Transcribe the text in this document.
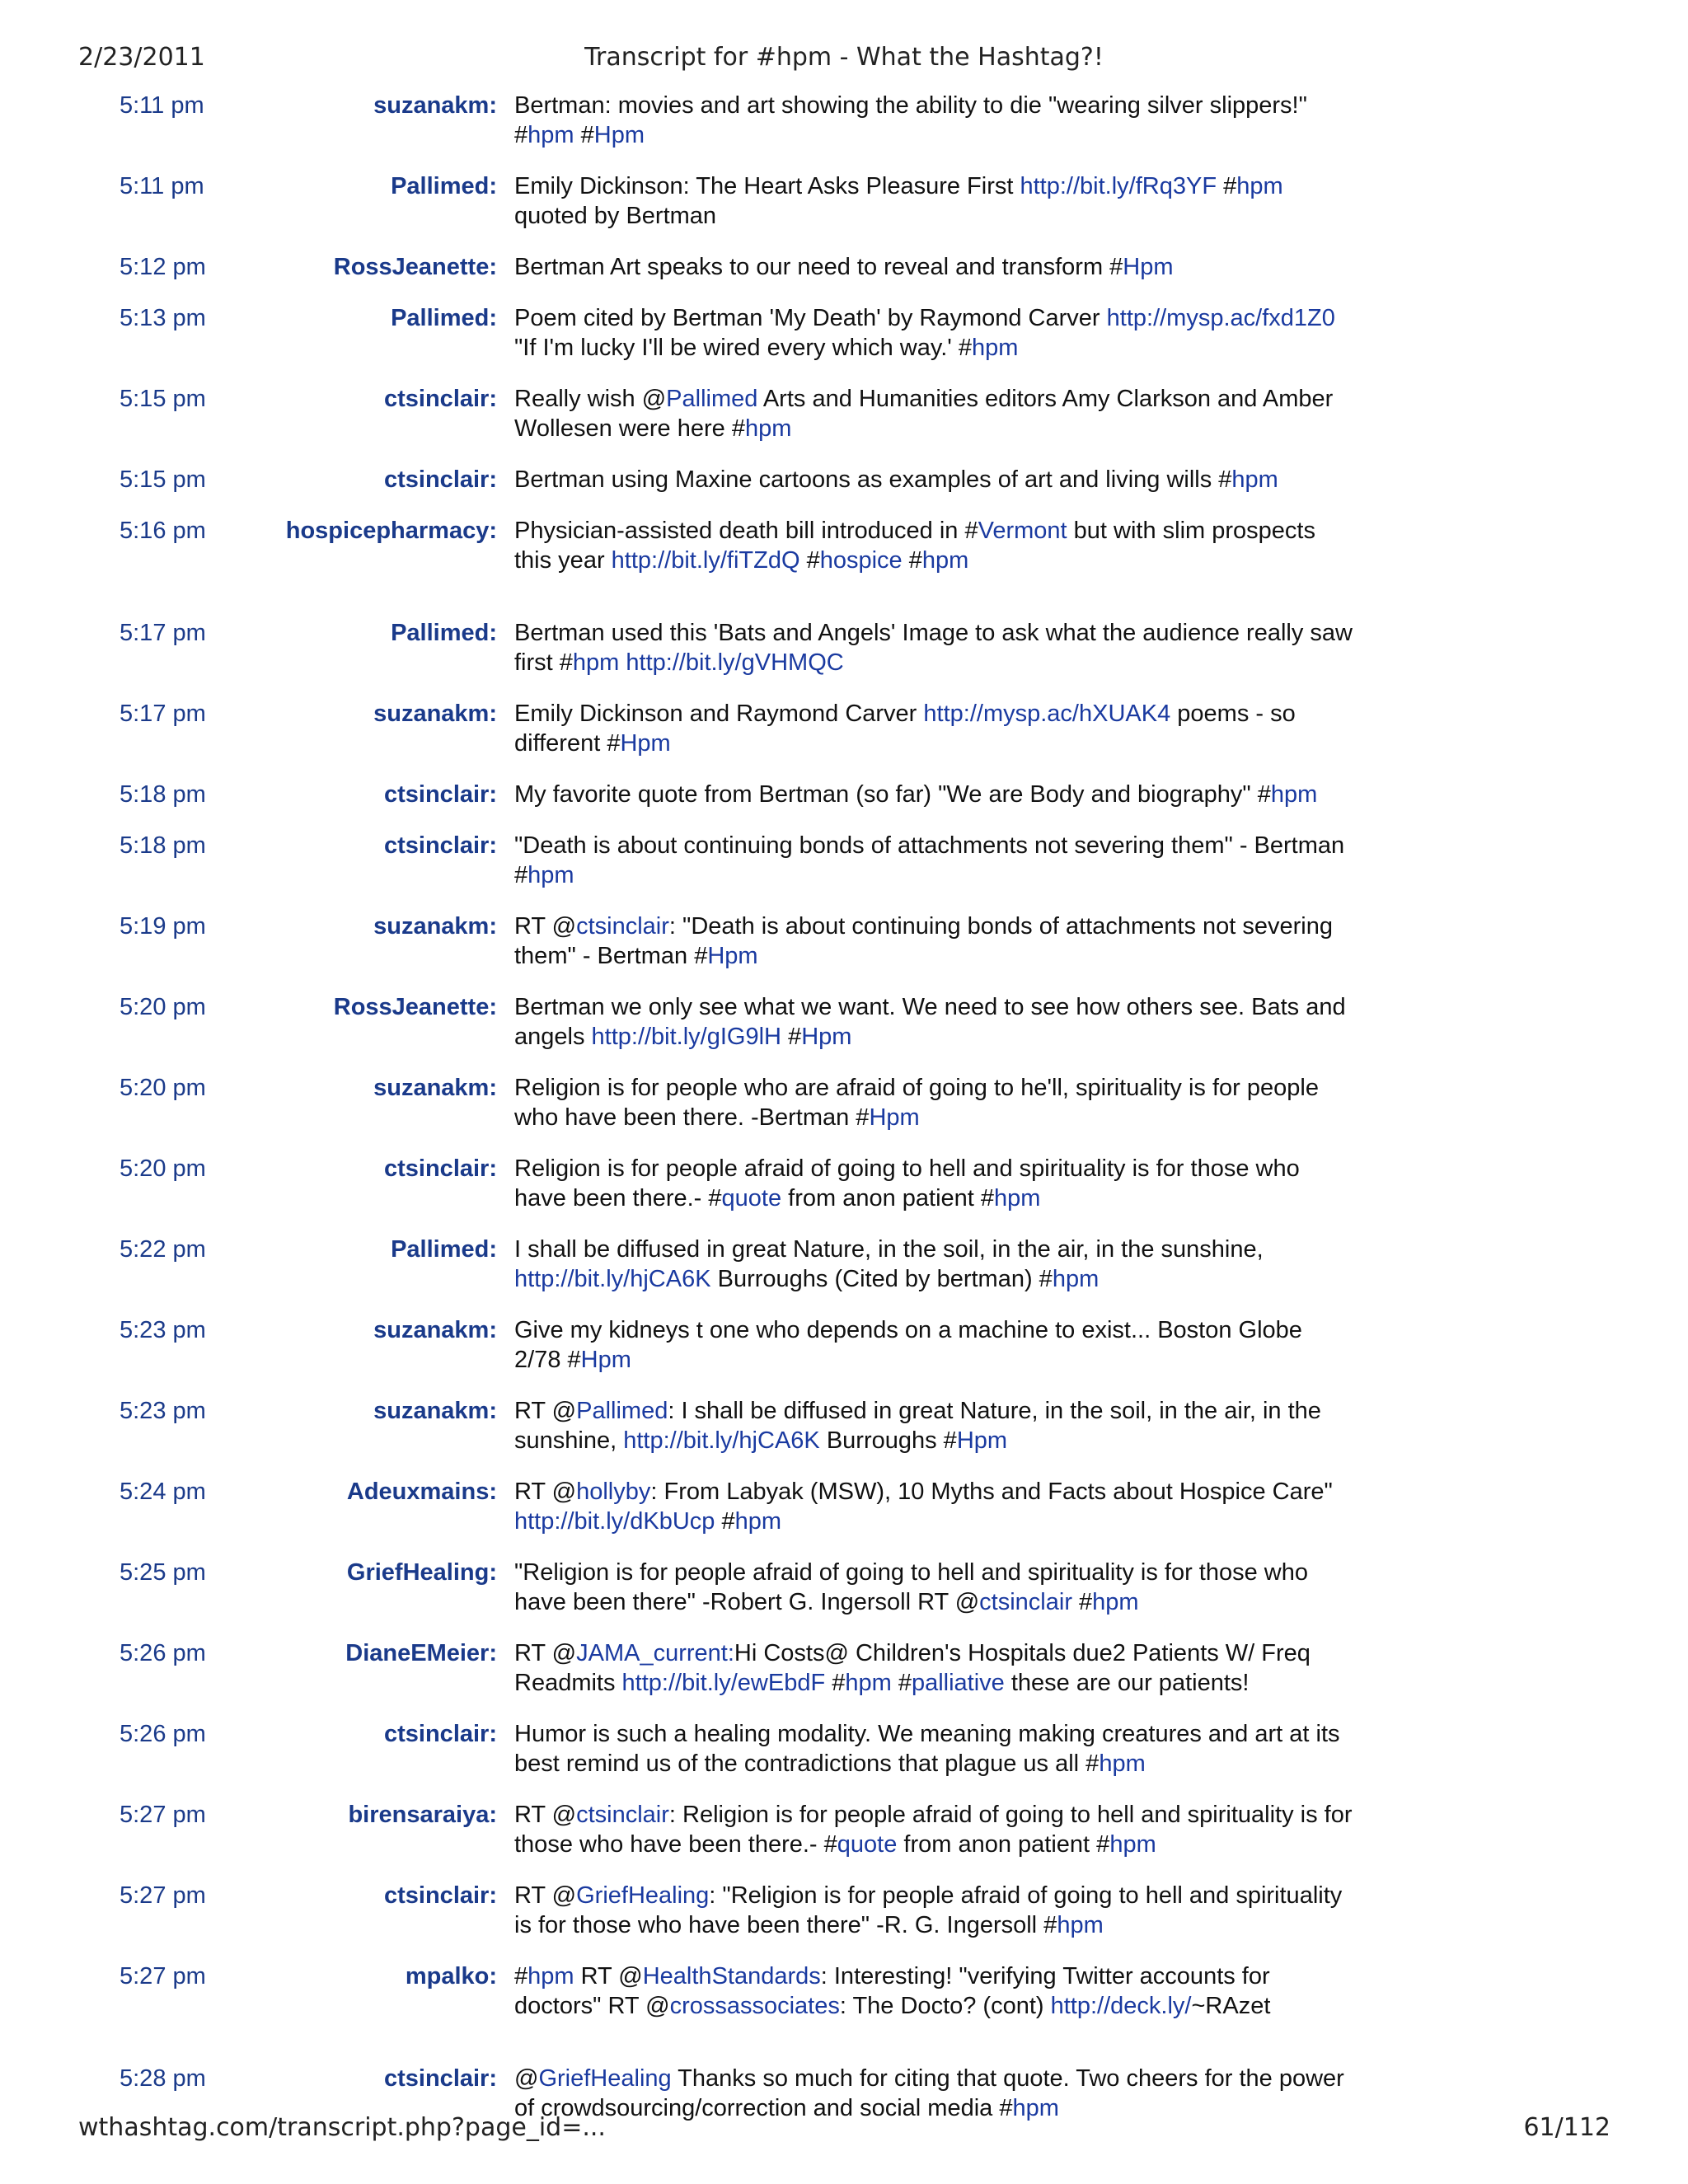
2/23/2011	Transcript for #hpm - What the Hashtag?!
5:11 pm	suzanakm: Bertman: movies and art showing the ability to die "wearing silver slippers!" #hpm #Hpm
5:11 pm	Pallimed: Emily Dickinson: The Heart Asks Pleasure First http://bit.ly/fRq3YF #hpm quoted by Bertman
5:12 pm	RossJeanette: Bertman Art speaks to our need to reveal and transform #Hpm
5:13 pm	Pallimed: Poem cited by Bertman 'My Death' by Raymond Carver http://mysp.ac/fxd1Z0 "If I'm lucky I'll be wired every which way.' #hpm
5:15 pm	ctsinclair: Really wish @Pallimed Arts and Humanities editors Amy Clarkson and Amber Wollesen were here #hpm
5:15 pm	ctsinclair: Bertman using Maxine cartoons as examples of art and living wills #hpm
5:16 pm	hospicepharmacy: Physician-assisted death bill introduced in #Vermont but with slim prospects this year http://bit.ly/fiTZdQ #hospice #hpm
5:17 pm	Pallimed: Bertman used this 'Bats and Angels' Image to ask what the audience really saw first #hpm http://bit.ly/gVHMQC
5:17 pm	suzanakm: Emily Dickinson and Raymond Carver http://mysp.ac/hXUAK4 poems - so different #Hpm
5:18 pm	ctsinclair: My favorite quote from Bertman (so far) "We are Body and biography" #hpm
5:18 pm	ctsinclair: "Death is about continuing bonds of attachments not severing them" - Bertman #hpm
5:19 pm	suzanakm: RT @ctsinclair: "Death is about continuing bonds of attachments not severing them" - Bertman #Hpm
5:20 pm	RossJeanette: Bertman we only see what we want. We need to see how others see. Bats and angels http://bit.ly/gIG9lH #Hpm
5:20 pm	suzanakm: Religion is for people who are afraid of going to he'll, spirituality is for people who have been there. -Bertman #Hpm
5:20 pm	ctsinclair: Religion is for people afraid of going to hell and spirituality is for those who have been there.- #quote from anon patient #hpm
5:22 pm	Pallimed: I shall be diffused in great Nature, in the soil, in the air, in the sunshine, http://bit.ly/hjCA6K Burroughs (Cited by bertman) #hpm
5:23 pm	suzanakm: Give my kidneys t one who depends on a machine to exist... Boston Globe 2/78 #Hpm
5:23 pm	suzanakm: RT @Pallimed: I shall be diffused in great Nature, in the soil, in the air, in the sunshine, http://bit.ly/hjCA6K Burroughs #Hpm
5:24 pm	Adeuxmains: RT @hollyby: From Labyak (MSW), 10 Myths and Facts about Hospice Care" http://bit.ly/dKbUcp #hpm
5:25 pm	GriefHealing: "Religion is for people afraid of going to hell and spirituality is for those who have been there" -Robert G. Ingersoll RT @ctsinclair #hpm
5:26 pm	DianeEMeier: RT @JAMA_current:Hi Costs@ Children's Hospitals due2 Patients W/ Freq Readmits http://bit.ly/ewEbdF #hpm #palliative these are our patients!
5:26 pm	ctsinclair: Humor is such a healing modality. We meaning making creatures and art at its best remind us of the contradictions that plague us all #hpm
5:27 pm	birensaraiya: RT @ctsinclair: Religion is for people afraid of going to hell and spirituality is for those who have been there.- #quote from anon patient #hpm
5:27 pm	ctsinclair: RT @GriefHealing: "Religion is for people afraid of going to hell and spirituality is for those who have been there" -R. G. Ingersoll #hpm
5:27 pm	mpalko: #hpm RT @HealthStandards: Interesting! "verifying Twitter accounts for doctors" RT @crossassociates: The Docto? (cont) http://deck.ly/~RAzet
5:28 pm	ctsinclair: @GriefHealing Thanks so much for citing that quote. Two cheers for the power of crowdsourcing/correction and social media #hpm
wthashtag.com/transcript.php?page_id=...	61/112
